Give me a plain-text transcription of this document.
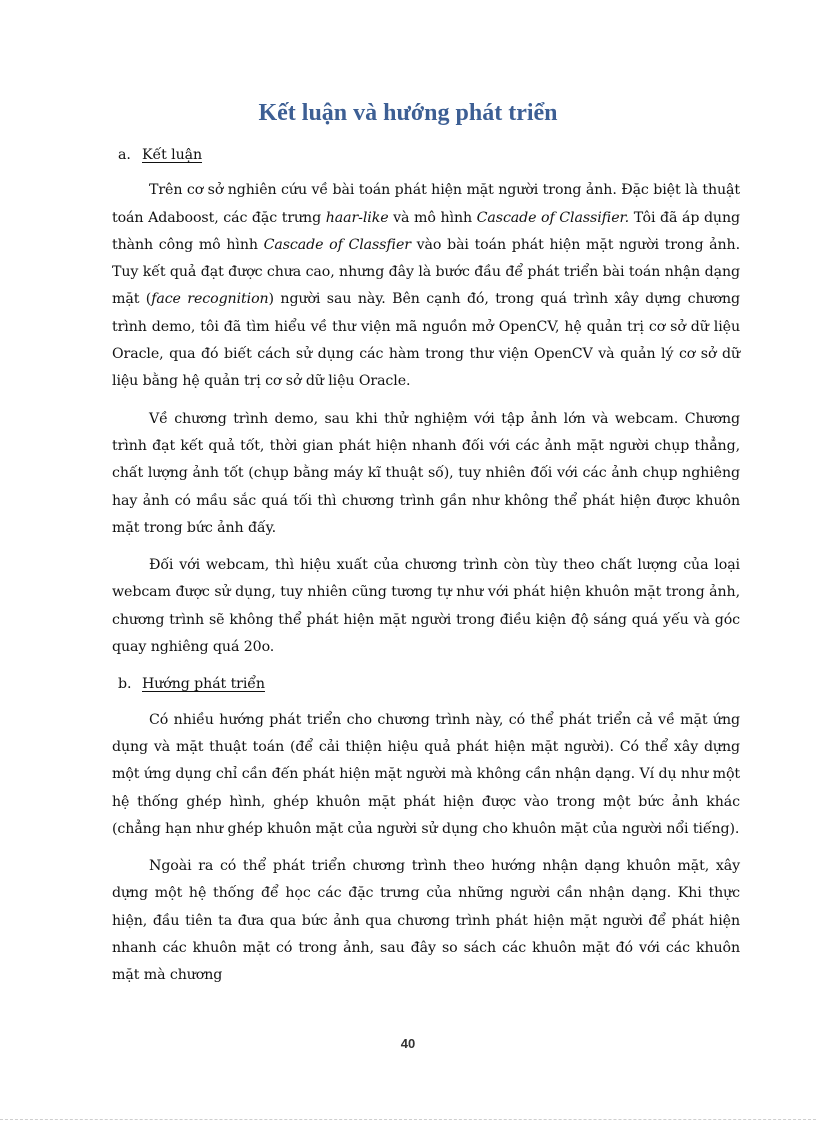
Kết luận và hướng phát triển
a. Kết luận

Trên cơ sở nghiên cứu về bài toán phát hiện mặt người trong ảnh. Đặc biệt là thuật toán Adaboost, các đặc trưng haar-like và mô hình Cascade of Classifier. Tôi đã áp dụng thành công mô hình Cascade of Classfier vào bài toán phát hiện mặt người trong ảnh. Tuy kết quả đạt được chưa cao, nhưng đây là bước đầu để phát triển bài toán nhận dạng mặt (face recognition) người sau này. Bên cạnh đó, trong quá trình xây dựng chương trình demo, tôi đã tìm hiểu về thư viện mã nguồn mở OpenCV, hệ quản trị cơ sở dữ liệu Oracle, qua đó biết cách sử dụng các hàm trong thư viện OpenCV và quản lý cơ sở dữ liệu bằng hệ quản trị cơ sở dữ liệu Oracle.

Về chương trình demo, sau khi thử nghiệm với tập ảnh lớn và webcam. Chương trình đạt kết quả tốt, thời gian phát hiện nhanh đối với các ảnh mặt người chụp thẳng, chất lượng ảnh tốt (chụp bằng máy kĩ thuật số), tuy nhiên đối với các ảnh chụp nghiêng hay ảnh có mầu sắc quá tối thì chương trình gần như không thể phát hiện được khuôn mặt trong bức ảnh đấy.

Đối với webcam, thì hiệu xuất của chương trình còn tùy theo chất lượng của loại webcam được sử dụng, tuy nhiên cũng tương tự như với phát hiện khuôn mặt trong ảnh, chương trình sẽ không thể phát hiện mặt người trong điều kiện độ sáng quá yếu và góc quay nghiêng quá 20o.

b. Hướng phát triển

Có nhiều hướng phát triển cho chương trình này, có thể phát triển cả về mặt ứng dụng và mặt thuật toán (để cải thiện hiệu quả phát hiện mặt người). Có thể xây dựng một ứng dụng chỉ cần đến phát hiện mặt người mà không cần nhận dạng. Ví dụ như một hệ thống ghép hình, ghép khuôn mặt phát hiện được vào trong một bức ảnh khác (chẳng hạn như ghép khuôn mặt của người sử dụng cho khuôn mặt của người nổi tiếng).

Ngoài ra có thể phát triển chương trình theo hướng nhận dạng khuôn mặt, xây dựng một hệ thống để học các đặc trưng của những người cần nhận dạng. Khi thực hiện, đầu tiên ta đưa qua bức ảnh qua chương trình phát hiện mặt người để phát hiện nhanh các khuôn mặt có trong ảnh, sau đây so sách các khuôn mặt đó với các khuôn mặt mà chương

40
